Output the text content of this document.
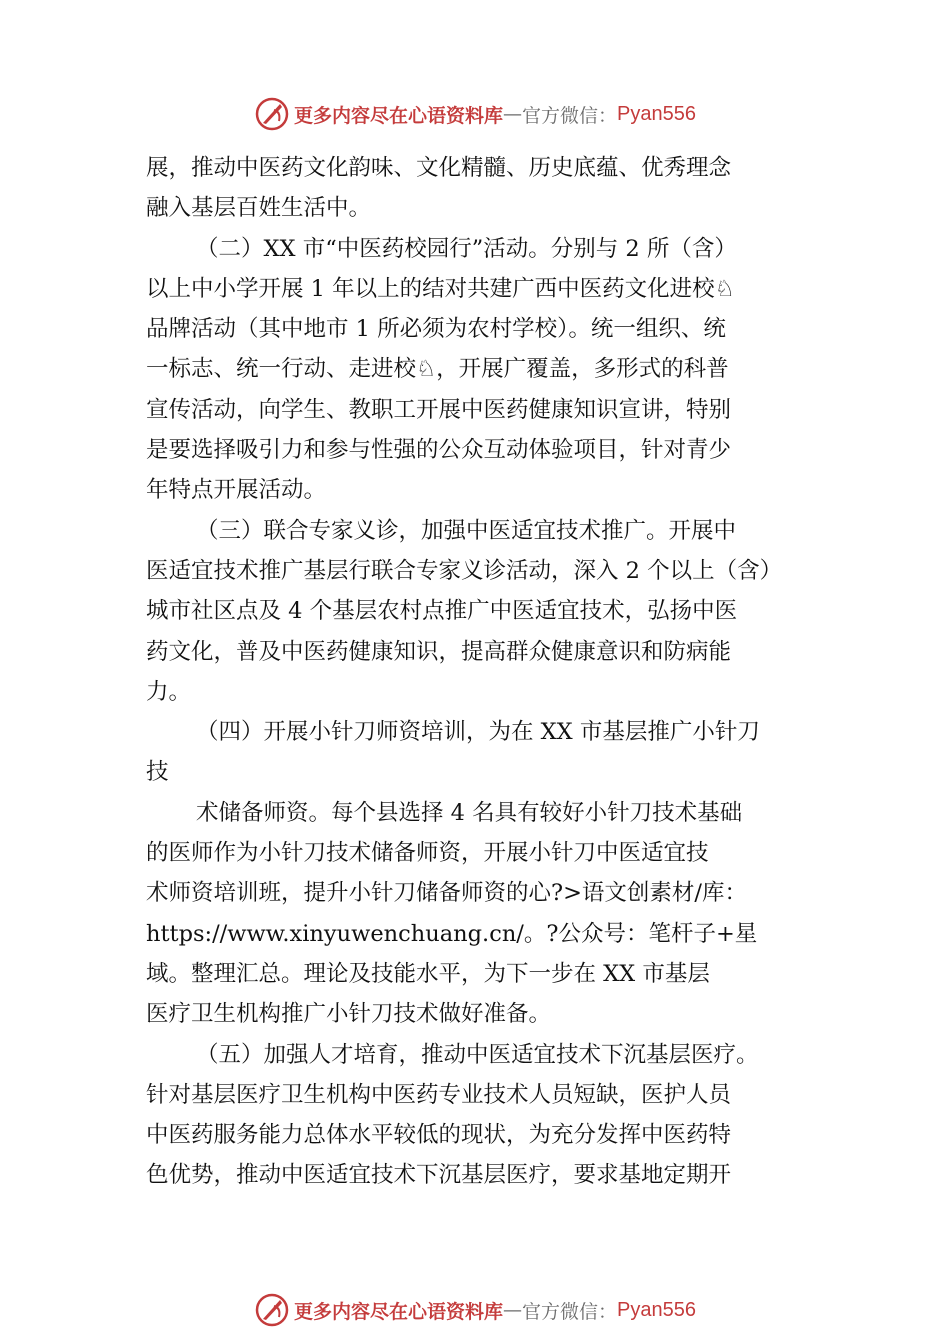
更多内容尽在心语资料库 — 官方微信： Pyan556
展，推动中医药文化韵味、文化精髓、历史底蕴、优秀理念
融入基层百姓生活中。
（二）XX 市“中医药校园行”活动。分别与 2 所（含）
以上中小学开展 1 年以上的结对共建广西中医药文化进校♘
品牌活动（其中地市 1 所必须为农村学校）。统一组织、统
一标志、统一行动、走进校♘，开展广覆盖，多形式的科普
宣传活动，向学生、教职工开展中医药健康知识宣讲，特别
是要选择吸引力和参与性强的公众互动体验项目，针对青少
年特点开展活动。
（三）联合专家义诊，加强中医适宜技术推广。开展中
医适宜技术推广基层行联合专家义诊活动，深入 2 个以上（含）
城市社区点及 4 个基层农村点推广中医适宜技术，弘扬中医
药文化，普及中医药健康知识，提高群众健康意识和防病能
力。
（四）开展小针刀师资培训，为在 XX 市基层推广小针刀
技
术储备师资。每个县选择 4 名具有较好小针刀技术基础
的医师作为小针刀技术储备师资，开展小针刀中医适宜技
术师资培训班，提升小针刀储备师资的心?>语文创素材/库：
https://www.xinyuwenchuang.cn/。?公众号：笔杆子+星
域。整理汇总。理论及技能水平，为下一步在 XX 市基层
医疗卫生机构推广小针刀技术做好准备。
（五）加强人才培育，推动中医适宜技术下沉基层医疗。
针对基层医疗卫生机构中医药专业技术人员短缺，医护人员
中医药服务能力总体水平较低的现状，为充分发挥中医药特
色优势，推动中医适宜技术下沉基层医疗，要求基地定期开
更多内容尽在心语资料库 — 官方微信： Pyan556
